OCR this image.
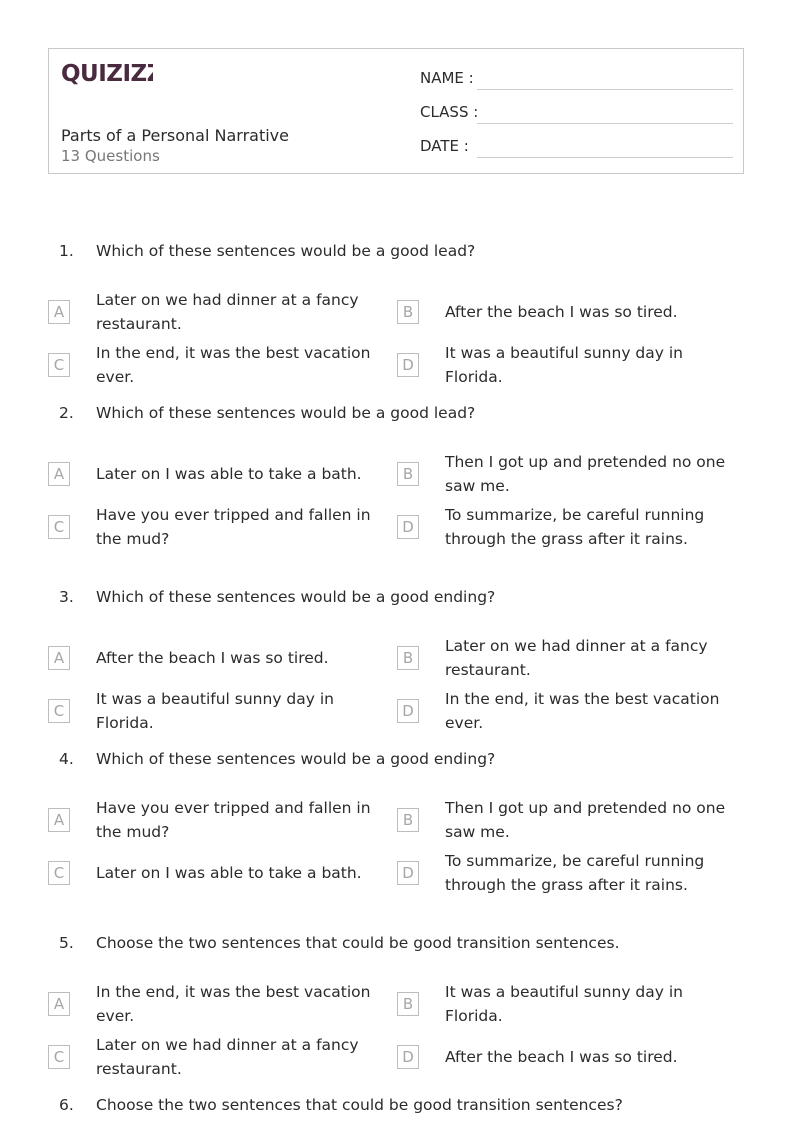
QUIZIZZ
Parts of a Personal Narrative
13 Questions
NAME :
CLASS :
DATE :
1. Which of these sentences would be a good lead?
A
Later on we had dinner at a fancy restaurant.
B	After the beach I was so tired.
C
In the end, it was the best vacation ever.
D
It was a beautiful sunny day in Florida.
2. Which of these sentences would be a good lead?
A	Later on I was able to take a bath.	B
Then I got up and pretended no one saw me.
C
Have you ever tripped and fallen in the mud?
D
To summarize, be careful running through the grass after it rains.
3. Which of these sentences would be a good ending?
A	After the beach I was so tired.	B
Later on we had dinner at a fancy restaurant.
C
It was a beautiful sunny day in Florida.
D
In the end, it was the best vacation ever.
4. Which of these sentences would be a good ending?
A
Have you ever tripped and fallen in the mud?
B
Then I got up and pretended no one saw me.
C	Later on I was able to take a bath.	D
To summarize, be careful running through the grass after it rains.
5. Choose the two sentences that could be good transition sentences.
A
In the end, it was the best vacation ever.
B
It was a beautiful sunny day in Florida.
C
Later on we had dinner at a fancy restaurant.
D	After the beach I was so tired.
6. Choose the two sentences that could be good transition sentences?
